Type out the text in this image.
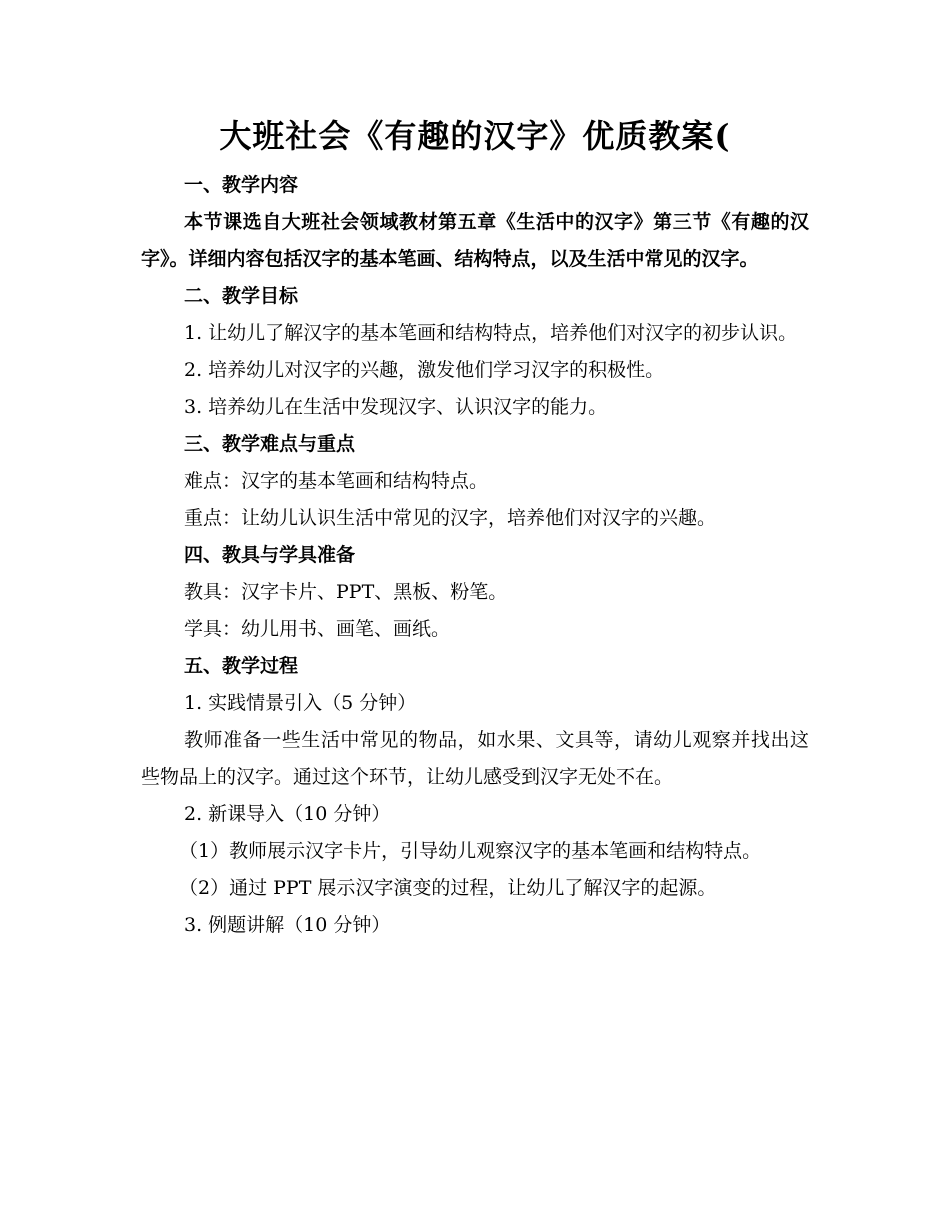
大班社会《有趣的汉字》优质教案(

一、教学内容

本节课选自大班社会领域教材第五章《生活中的汉字》第三节《有趣的汉字》。详细内容包括汉字的基本笔画、结构特点，以及生活中常见的汉字。

二、教学目标

1. 让幼儿了解汉字的基本笔画和结构特点，培养他们对汉字的初步认识。

2. 培养幼儿对汉字的兴趣，激发他们学习汉字的积极性。

3. 培养幼儿在生活中发现汉字、认识汉字的能力。

三、教学难点与重点

难点：汉字的基本笔画和结构特点。

重点：让幼儿认识生活中常见的汉字，培养他们对汉字的兴趣。

四、教具与学具准备

教具：汉字卡片、PPT、黑板、粉笔。

学具：幼儿用书、画笔、画纸。

五、教学过程

1. 实践情景引入（5 分钟）

教师准备一些生活中常见的物品，如水果、文具等，请幼儿观察并找出这些物品上的汉字。通过这个环节，让幼儿感受到汉字无处不在。

2. 新课导入（10 分钟）

（1）教师展示汉字卡片，引导幼儿观察汉字的基本笔画和结构特点。

（2）通过 PPT 展示汉字演变的过程，让幼儿了解汉字的起源。

3. 例题讲解（10 分钟）
